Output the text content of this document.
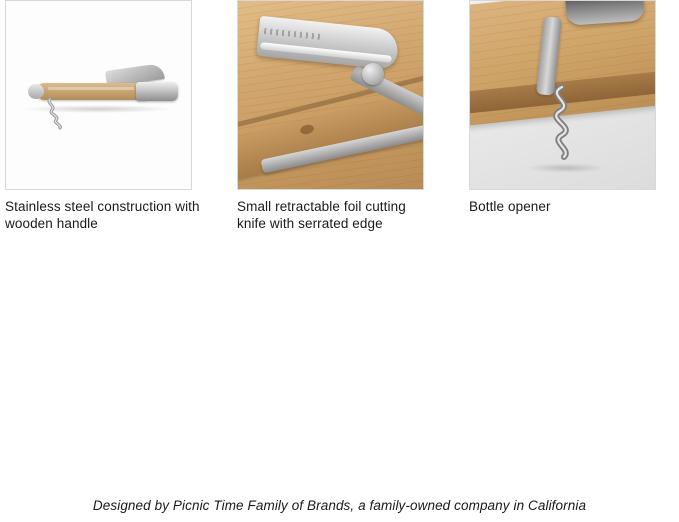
Stainless steel construction with wooden handle
Small retractable foil cutting knife with serrated edge
Bottle opener
Designed by Picnic Time Family of Brands, a family-owned company in California
